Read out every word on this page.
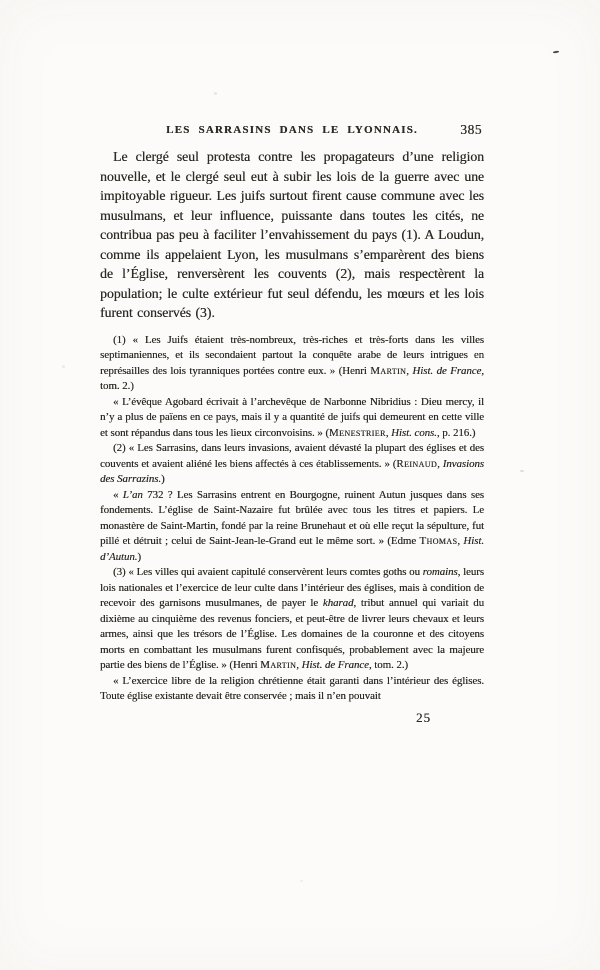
LES SARRASINS DANS LE LYONNAIS.	385
Le clergé seul protesta contre les propagateurs d’une religion nouvelle, et le clergé seul eut à subir les lois de la guerre avec une impitoyable rigueur. Les juifs surtout firent cause commune avec les musulmans, et leur influence, puissante dans toutes les cités, ne contribua pas peu à faciliter l’envahissement du pays (1). A Loudun, comme ils appelaient Lyon, les musulmans s’emparèrent des biens de l’Église, renversèrent les couvents (2), mais respectèrent la population; le culte extérieur fut seul défendu, les mœurs et les lois furent conservés (3).
(1) « Les Juifs étaient très-nombreux, très-riches et très-forts dans les villes septimaniennes, et ils secondaient partout la conquête arabe de leurs intrigues en représailles des lois tyranniques portées contre eux. » (Henri Martin, Hist. de France, tom. 2.)
« L’évêque Agobard écrivait à l’archevêque de Narbonne Nibridius : Dieu mercy, il n’y a plus de païens en ce pays, mais il y a quantité de juifs qui demeurent en cette ville et sont répandus dans tous les lieux circonvoisins. » (Menestrier, Hist. cons., p. 216.)
(2) « Les Sarrasins, dans leurs invasions, avaient dévasté la plupart des églises et des couvents et avaient aliéné les biens affectés à ces établissements. » (Reinaud, Invasions des Sarrazins.)
« L’an 732 ? Les Sarrasins entrent en Bourgogne, ruinent Autun jusques dans ses fondements. L’église de Saint-Nazaire fut brûlée avec tous les titres et papiers. Le monastère de Saint-Martin, fondé par la reine Brunehaut et où elle reçut la sépulture, fut pillé et détruit ; celui de Saint-Jean-le-Grand eut le même sort. » (Edme Thomas, Hist. d’Autun.)
(3) « Les villes qui avaient capitulé conservèrent leurs comtes goths ou romains, leurs lois nationales et l’exercice de leur culte dans l’intérieur des églises, mais à condition de recevoir des garnisons musulmanes, de payer le kharad, tribut annuel qui variait du dixième au cinquième des revenus fonciers, et peut-être de livrer leurs chevaux et leurs armes, ainsi que les trésors de l’Église. Les domaines de la couronne et des citoyens morts en combattant les musulmans furent confisqués, probablement avec la majeure partie des biens de l’Église. » (Henri Martin, Hist. de France, tom. 2.)
« L’exercice libre de la religion chrétienne était garanti dans l’intérieur des églises. Toute église existante devait être conservée ; mais il n’en pouvait
25
